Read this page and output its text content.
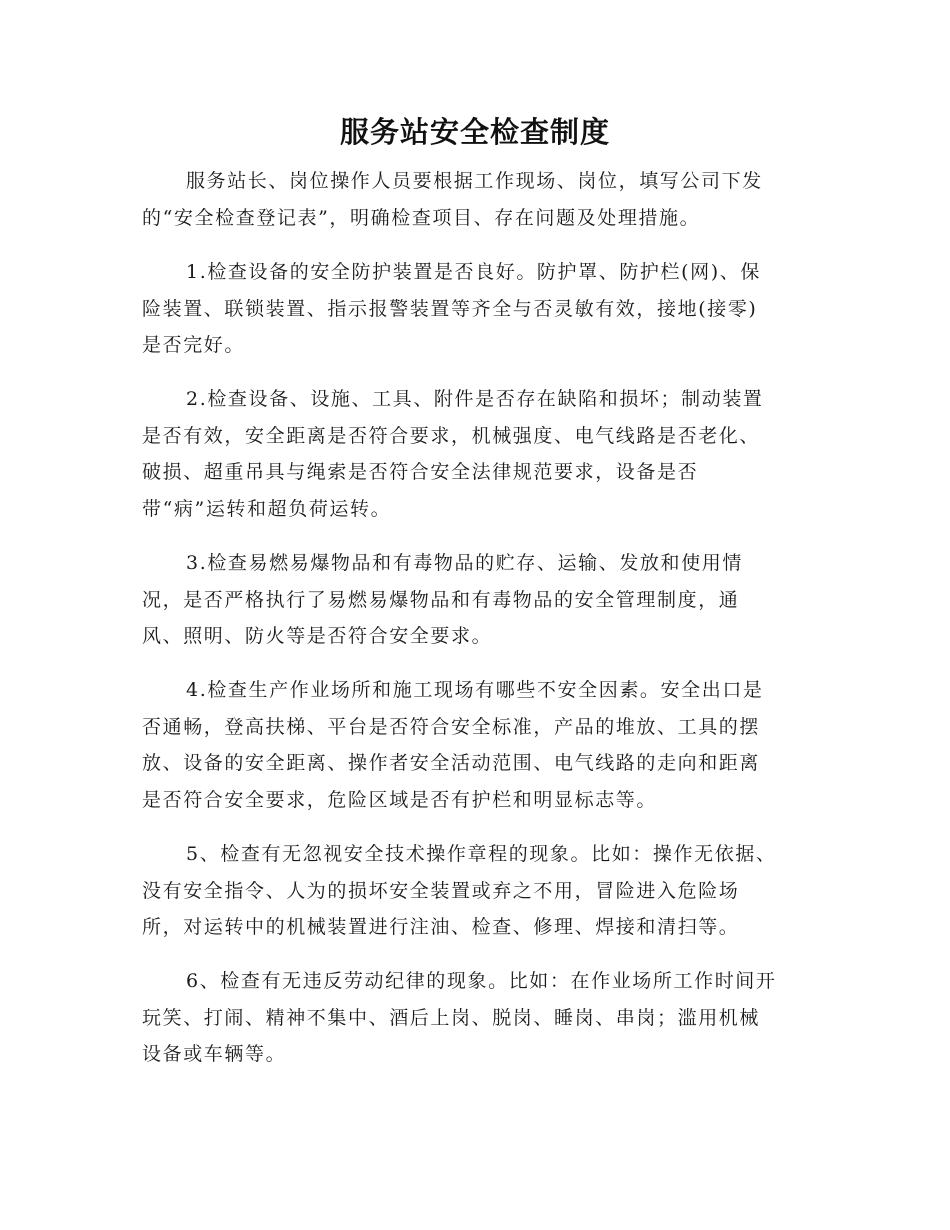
服务站安全检查制度

服务站长、岗位操作人员要根据工作现场、岗位，填写公司下发
的“安全检查登记表”，明确检查项目、存在问题及处理措施。

1.检查设备的安全防护装置是否良好。防护罩、防护栏(网)、保
险装置、联锁装置、指示报警装置等齐全与否灵敏有效，接地(接零)
是否完好。

2.检查设备、设施、工具、附件是否存在缺陷和损坏；制动装置
是否有效，安全距离是否符合要求，机械强度、电气线路是否老化、
破损、超重吊具与绳索是否符合安全法律规范要求，设备是否
带“病”运转和超负荷运转。

3.检查易燃易爆物品和有毒物品的贮存、运输、发放和使用情
况，是否严格执行了易燃易爆物品和有毒物品的安全管理制度，通
风、照明、防火等是否符合安全要求。

4.检查生产作业场所和施工现场有哪些不安全因素。安全出口是
否通畅，登高扶梯、平台是否符合安全标准，产品的堆放、工具的摆
放、设备的安全距离、操作者安全活动范围、电气线路的走向和距离
是否符合安全要求，危险区域是否有护栏和明显标志等。

5、检查有无忽视安全技术操作章程的现象。比如：操作无依据、
没有安全指令、人为的损坏安全装置或弃之不用，冒险进入危险场
所，对运转中的机械装置进行注油、检查、修理、焊接和清扫等。

6、检查有无违反劳动纪律的现象。比如：在作业场所工作时间开
玩笑、打闹、精神不集中、酒后上岗、脱岗、睡岗、串岗；滥用机械
设备或车辆等。
